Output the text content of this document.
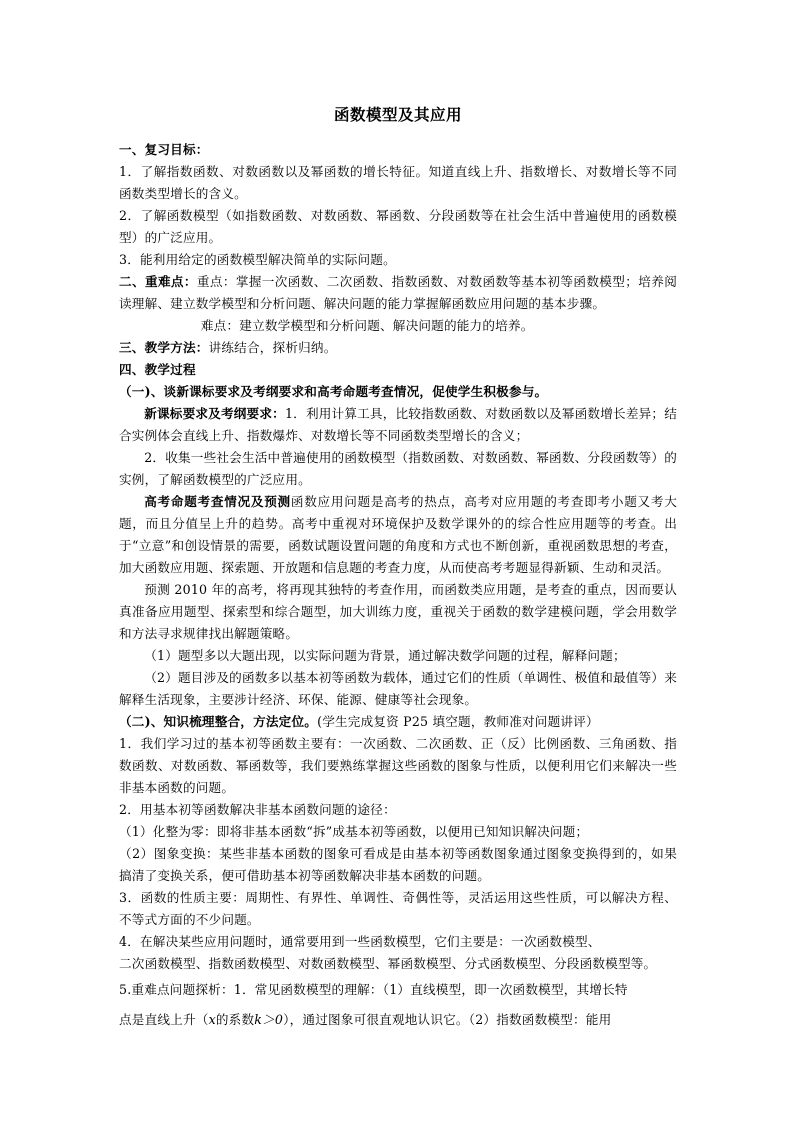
函数模型及其应用

一、复习目标：

1．了解指数函数、对数函数以及幂函数的增长特征。知道直线上升、指数增长、对数增长等不同函数类型增长的含义。

2．了解函数模型（如指数函数、对数函数、幂函数、分段函数等在社会生活中普遍使用的函数模型）的广泛应用。

3．能利用给定的函数模型解决简单的实际问题。

二、重难点：重点：掌握一次函数、二次函数、指数函数、对数函数等基本初等函数模型；培养阅读理解、建立数学模型和分析问题、解决问题的能力掌握解函数应用问题的基本步骤。

难点：建立数学模型和分析问题、解决问题的能力的培养。

三、教学方法：讲练结合，探析归纳。

四、教学过程

（一)、谈新课标要求及考纲要求和高考命题考查情况，促使学生积极参与。

新课标要求及考纲要求：1．利用计算工具，比较指数函数、对数函数以及幂函数增长差异；结合实例体会直线上升、指数爆炸、对数增长等不同函数类型增长的含义；

2．收集一些社会生活中普遍使用的函数模型（指数函数、对数函数、幂函数、分段函数等）的实例，了解函数模型的广泛应用。

高考命题考查情况及预测函数应用问题是高考的热点，高考对应用题的考查即考小题又考大题，而且分值呈上升的趋势。高考中重视对环境保护及数学课外的的综合性应用题等的考查。出于“立意”和创设情景的需要，函数试题设置问题的角度和方式也不断创新，重视函数思想的考查，加大函数应用题、探索题、开放题和信息题的考查力度，从而使高考考题显得新颖、生动和灵活。

预测 2010 年的高考，将再现其独特的考查作用，而函数类应用题，是考查的重点，因而要认真准备应用题型、探索型和综合题型，加大训练力度，重视关于函数的数学建模问题，学会用数学和方法寻求规律找出解题策略。

（1）题型多以大题出现，以实际问题为背景，通过解决数学问题的过程，解释问题；

（2）题目涉及的函数多以基本初等函数为载体，通过它们的性质（单调性、极值和最值等）来解释生活现象，主要涉计经济、环保、能源、健康等社会现象。

（二)、知识梳理整合，方法定位。(学生完成复资 P25 填空题，教师准对问题讲评）

1．我们学习过的基本初等函数主要有：一次函数、二次函数、正（反）比例函数、三角函数、指数函数、对数函数、幂函数等，我们要熟练掌握这些函数的图象与性质，以便利用它们来解决一些非基本函数的问题。

2．用基本初等函数解决非基本函数问题的途径：

（1）化整为零：即将非基本函数“拆”成基本初等函数，以便用已知知识解决问题；

（2）图象变换：某些非基本函数的图象可看成是由基本初等函数图象通过图象变换得到的，如果搞清了变换关系，便可借助基本初等函数解决非基本函数的问题。

3．函数的性质主要：周期性、有界性、单调性、奇偶性等，灵活运用这些性质，可以解决方程、不等式方面的不少问题。

4．在解决某些应用问题时，通常要用到一些函数模型，它们主要是：一次函数模型、

二次函数模型、指数函数模型、对数函数模型、幂函数模型、分式函数模型、分段函数模型等。

5.重难点问题探析：1．常见函数模型的理解：（1）直线模型，即一次函数模型，其增长特

点是直线上升（x的系数k＞0），通过图象可很直观地认识它。（2）指数函数模型：能用
